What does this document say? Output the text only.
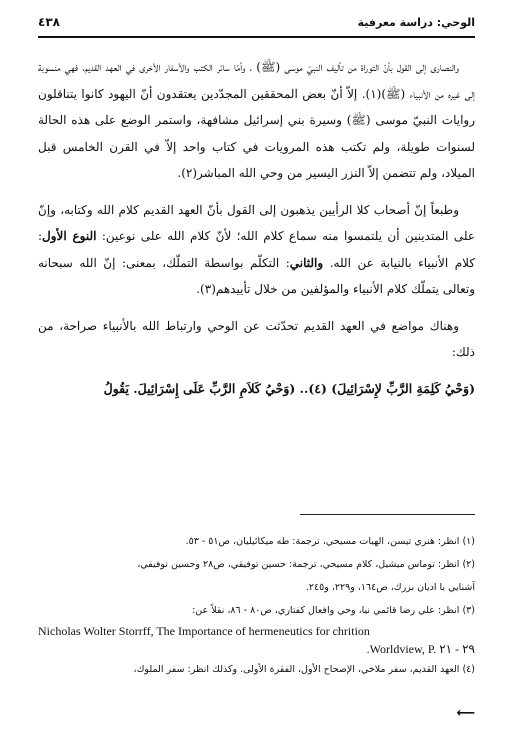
الوحي: دراسة معرفية
٤٣٨

والنصارى إلى القول بأنّ التوراة من تأليف النبيّ موسى (ﷺ) ، وأمّا سائر الكتب والأسفار الأخرى في العهد القديم، فهي منسوبة إلى غيره من الأنبياء (ﷺ)(١). إلاّ أنّ بعض المحققين المجدّدين يعتقدون أنّ اليهود كانوا يتناقلون روايات النبيّ موسى (ﷺ) وسيرة بني إسرائيل مشافهة، واستمر الوضع على هذه الحالة لسنوات طويلة، ولم تكتب هذه المرويات في كتاب واحد إلاّ في القرن الخامس قبل الميلاد، ولم تتضمن إلاّ النزر اليسير من وحي الله المباشر(٢).

وطبعاً إنّ أصحاب كلا الرأيين يذهبون إلى القول بأنّ العهد القديم كلام الله وكتابه، وإنّ على المتدينين أن يلتمسوا منه سماع كلام الله؛ لأنّ كلام الله على نوعين: النوع الأول: كلام الأنبياء بالنيابة عن الله. والثاني: التكلّم بواسطة التملّك، بمعنى: إنّ الله سبحانه وتعالى يتملّك كلام الأنبياء والمؤلفين من خلال تأييدهم(٣).

وهناك مواضع في العهد القديم تحدّثت عن الوحي وارتباط الله بالأنبياء صراحة، من ذلك:

(وَحْيُ كَلِمَةِ الرَّبِّ لإِسْرَائِيلَ) (٤).. (وَحْيُ كَلاَمِ الرَّبِّ عَلَى إِسْرَائِيلَ. يَقُولُ

(١) انظر: هنري تيسن، الهيات مسيحي، ترجمة: طه ميكائيليان، ص٥١ - ٥٣.

(٢) انظر: توماس ميشيل، كلام مسيحي، ترجمة: حسين توفيقي، ص٢٨ وحسين توفيقي،

آشنايي با اديان بزرك، ص١٦٤، و٢٢٩، و٢٤٥.

(٣) انظر: علي رضا قائمي نيا، وحي وافعال كفتاري، ص٨٠ - ٨٦، نقلاً عن:

Nicholas Wolter Storrff, The Importance of hermeneutics for chrition

.Worldview, P. ٢٩ - ٢١

(٤) العهد القديم، سفر ملاخي، الإصحاح الأول، الفقرة الأولى. وكذلك انظر: سفر الملوك،

⟵
